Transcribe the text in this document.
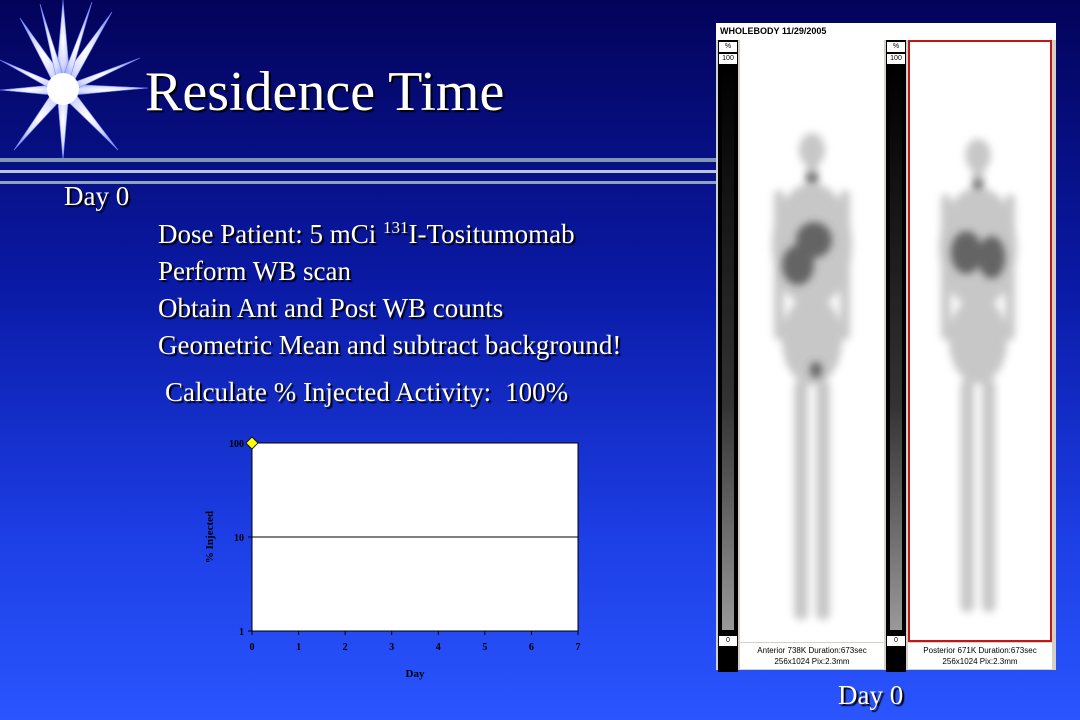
Residence Time
Day 0
Dose Patient: 5 mCi $^{131}$I-Tositumomab
Perform WB scan
Obtain Ant and Post WB counts
Geometric Mean and subtract background!
Calculate % Injected Activity: 100%
1
10
100
0	1	2	3	4	5	6	7
Day
% Injected
WHOLEBODY 11/29/2005
%
100
0
%
100
0
Anterior 738K Duration:673sec
256x1024 Pix:2.3mm
Posterior 671K Duration:673sec
256x1024 Pix:2.3mm
Day 0
